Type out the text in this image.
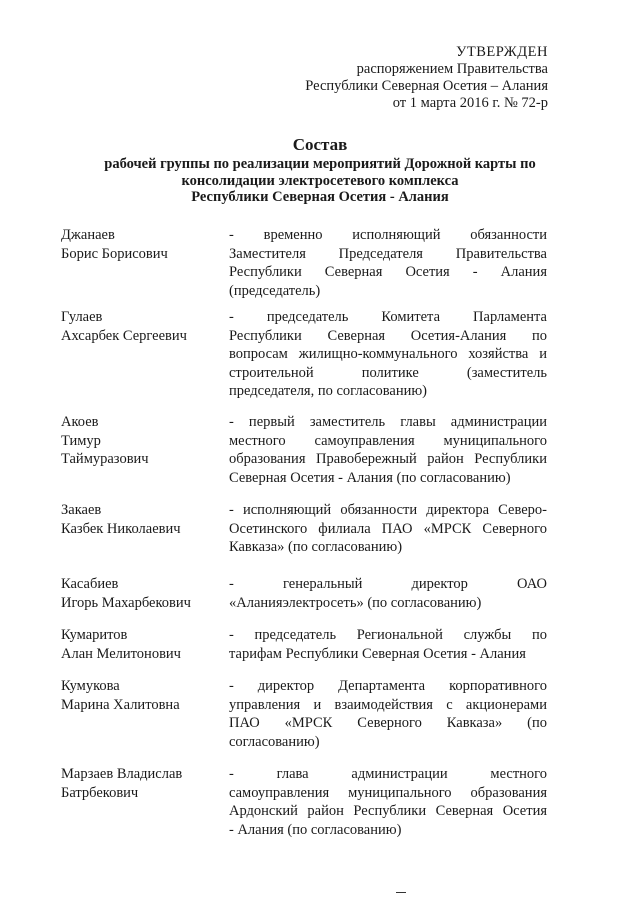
УТВЕРЖДЕН
распоряжением Правительства
Республики Северная Осетия – Алания
от 1 марта 2016 г. № 72-р
Состав
рабочей группы по реализации мероприятий Дорожной карты по
консолидации электросетевого комплекса
Республики Северная Осетия - Алания
Джанаев
Борис Борисович
- временно исполняющий обязанности
Заместителя Председателя Правительства
Республики Северная Осетия - Алания
(председатель)
Гулаев
Ахсарбек Сергеевич
- председатель Комитета Парламента
Республики Северная Осетия-Алания по
вопросам жилищно-коммунального хозяйства и
строительной политике (заместитель
председателя, по согласованию)
Акоев
Тимур
Таймуразович
- первый заместитель главы администрации
местного самоуправления муниципального
образования Правобережный район Республики
Северная Осетия - Алания (по согласованию)
Закаев
Казбек Николаевич
- исполняющий обязанности директора Северо-
Осетинского филиала ПАО «МРСК Северного
Кавказа» (по согласованию)
Касабиев
Игорь Махарбекович
- генеральный директор ОАО
«Аланияэлектросеть» (по согласованию)
Кумаритов
Алан Мелитонович
- председатель Региональной службы по
тарифам Республики Северная Осетия - Алания
Кумукова
Марина Халитовна
- директор Департамента корпоративного
управления и взаимодействия с акционерами
ПАО «МРСК Северного Кавказа» (по
согласованию)
Марзаев Владислав
Батрбекович
- глава администрации местного
самоуправления муниципального образования
Ардонский район Республики Северная Осетия
- Алания (по согласованию)
